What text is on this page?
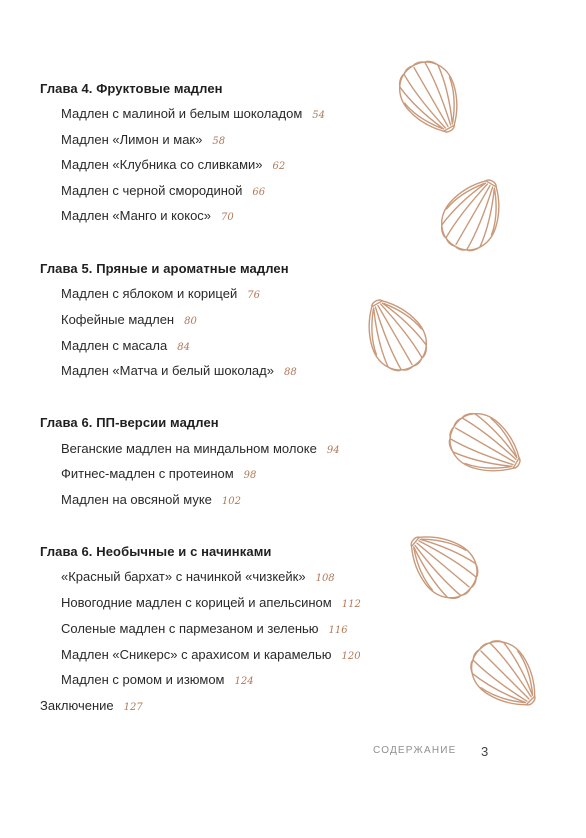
Глава 4. Фруктовые мадлен
Мадлен с малиной и белым шоколадом 54
Мадлен «Лимон и мак» 58
Мадлен «Клубника со сливками» 62
Мадлен с черной смородиной 66
Мадлен «Манго и кокос» 70
Глава 5. Пряные и ароматные мадлен
Мадлен с яблоком и корицей 76
Кофейные мадлен 80
Мадлен с масала 84
Мадлен «Матча и белый шоколад» 88
Глава 6. ПП-версии мадлен
Веганские мадлен на миндальном молоке 94
Фитнес-мадлен с протеином 98
Мадлен на овсяной муке 102
Глава 6. Необычные и с начинками
«Красный бархат» с начинкой «чизкейк» 108
Новогодние мадлен с корицей и апельсином 112
Соленые мадлен с пармезаном и зеленью 116
Мадлен «Сникерс» с арахисом и карамелью 120
Мадлен с ромом и изюмом 124
Заключение 127
СОДЕРЖАНИЕ 3
